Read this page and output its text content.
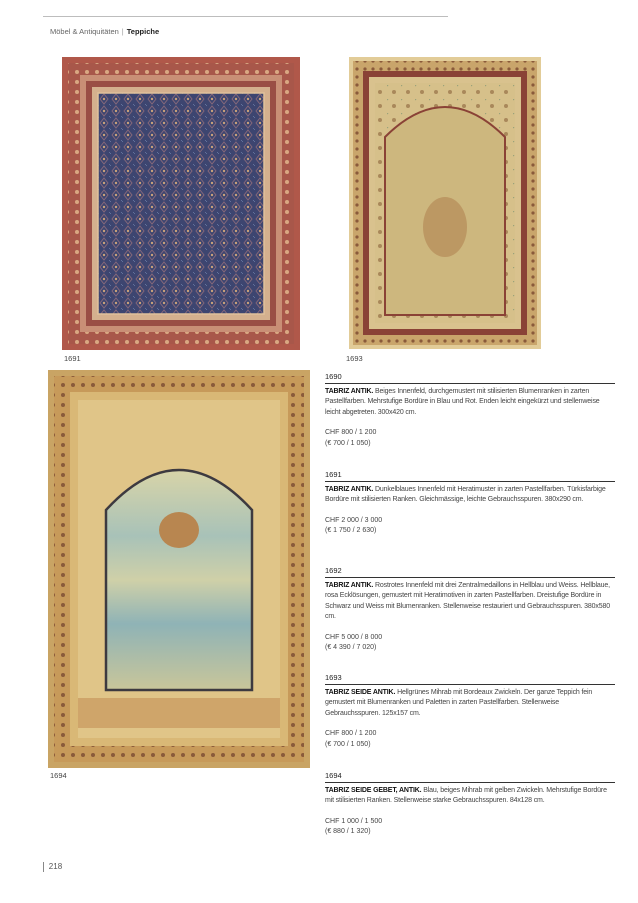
Möbel & Antiquitäten | Teppiche
1691	1693
1694
1690
TABRIZ ANTIK. Beiges Innenfeld, durchgemustert mit stilisierten Blumenranken in zarten Pastellfarben. Mehrstufige Bordüre in Blau und Rot. Enden leicht eingekürzt und stellenweise leicht abgetreten. 300x420 cm.
CHF 800 / 1 200
(€ 700 / 1 050)
1691
TABRIZ ANTIK. Dunkelblaues Innenfeld mit Heratimuster in zarten Pastellfarben. Türkisfarbige Bordüre mit stilisierten Ranken. Gleichmässige, leichte Gebrauchsspuren. 380x290 cm.
CHF 2 000 / 3 000
(€ 1 750 / 2 630)
1692
TABRIZ ANTIK. Rostrotes Innenfeld mit drei Zentralmedaillons in Hellblau und Weiss. Hellblaue, rosa Ecklösungen, gemustert mit Heratimotiven in zarten Pastellfarben. Dreistufige Bordüre in Schwarz und Weiss mit Blumenranken. Stellenweise restauriert und Gebrauchsspuren. 380x580 cm.
CHF 5 000 / 8 000
(€ 4 390 / 7 020)
1693
TABRIZ SEIDE ANTIK. Hellgrünes Mihrab mit Bordeaux Zwickeln. Der ganze Teppich fein gemustert mit Blumenranken und Paletten in zarten Pastellfarben. Stellenweise Gebrauchsspuren. 125x157 cm.
CHF 800 / 1 200
(€ 700 / 1 050)
1694
TABRIZ SEIDE GEBET, ANTIK. Blau, beiges Mihrab mit gelben Zwickeln. Mehrstufige Bordüre mit stilisierten Ranken. Stellenweise starke Gebrauchsspuren. 84x128 cm.
CHF 1 000 / 1 500
(€ 880 / 1 320)
218
